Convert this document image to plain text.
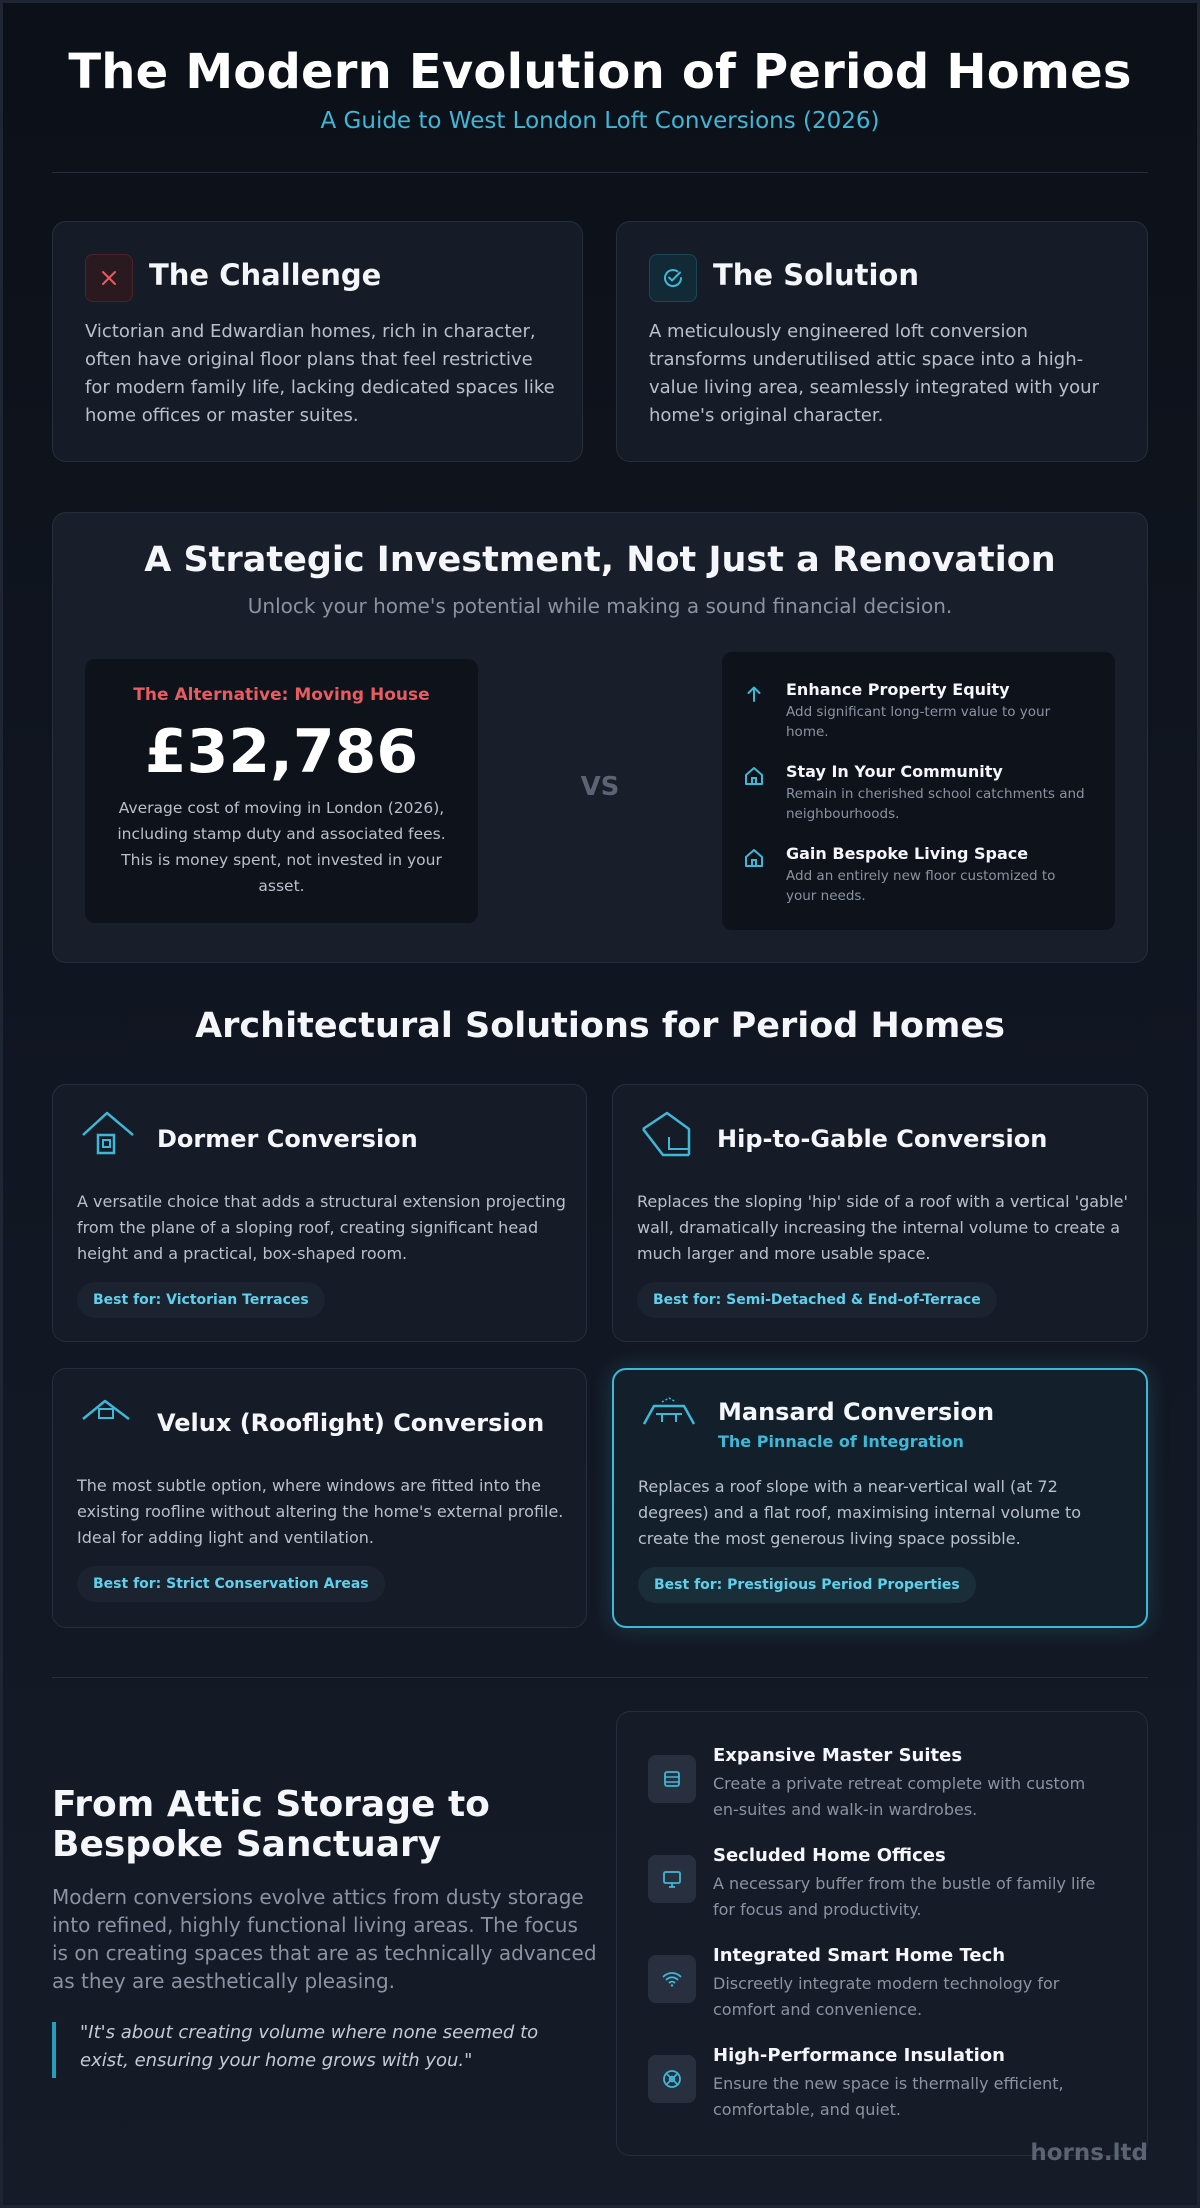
The Modern Evolution of Period Homes
A Guide to West London Loft Conversions (2026)
The Challenge
Victorian and Edwardian homes, rich in character, often have original floor plans that feel restrictive for modern family life, lacking dedicated spaces like home offices or master suites.
The Solution
A meticulously engineered loft conversion transforms underutilised attic space into a high-value living area, seamlessly integrated with your home's original character.
A Strategic Investment, Not Just a Renovation
Unlock your home's potential while making a sound financial decision.
The Alternative: Moving House
£32,786
Average cost of moving in London (2026), including stamp duty and associated fees. This is money spent, not invested in your asset.
VS
Enhance Property Equity
Add significant long-term value to your home.
Stay In Your Community
Remain in cherished school catchments and neighbourhoods.
Gain Bespoke Living Space
Add an entirely new floor customized to your needs.
Architectural Solutions for Period Homes
Dormer Conversion
A versatile choice that adds a structural extension projecting from the plane of a sloping roof, creating significant head height and a practical, box-shaped room.
Best for: Victorian Terraces
Hip-to-Gable Conversion
Replaces the sloping 'hip' side of a roof with a vertical 'gable' wall, dramatically increasing the internal volume to create a much larger and more usable space.
Best for: Semi-Detached & End-of-Terrace
Velux (Rooflight) Conversion
The most subtle option, where windows are fitted into the existing roofline without altering the home's external profile. Ideal for adding light and ventilation.
Best for: Strict Conservation Areas
Mansard Conversion
The Pinnacle of Integration
Replaces a roof slope with a near-vertical wall (at 72 degrees) and a flat roof, maximising internal volume to create the most generous living space possible.
Best for: Prestigious Period Properties
From Attic Storage to Bespoke Sanctuary
Modern conversions evolve attics from dusty storage into refined, highly functional living areas. The focus is on creating spaces that are as technically advanced as they are aesthetically pleasing.
"It's about creating volume where none seemed to exist, ensuring your home grows with you."
Expansive Master Suites
Create a private retreat complete with custom en-suites and walk-in wardrobes.
Secluded Home Offices
A necessary buffer from the bustle of family life for focus and productivity.
Integrated Smart Home Tech
Discreetly integrate modern technology for comfort and convenience.
High-Performance Insulation
Ensure the new space is thermally efficient, comfortable, and quiet.
horns.ltd
